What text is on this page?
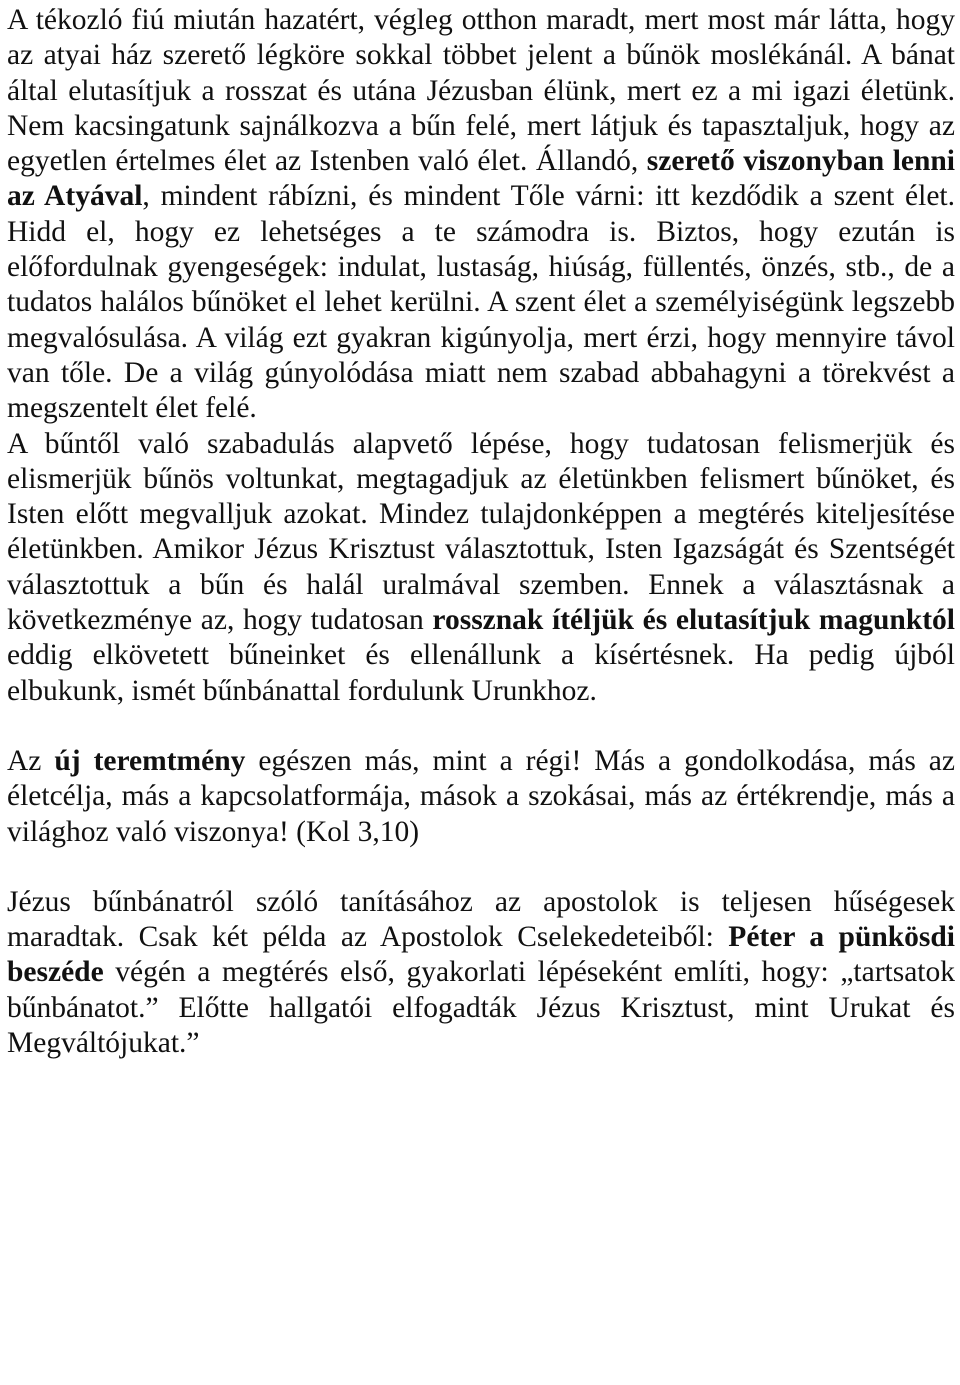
A tékozló fiú miután hazatért, végleg otthon maradt, mert most már látta, hogy az atyai ház szerető légköre sokkal többet jelent a bűnök moslékánál. A bánat által elutasítjuk a rosszat és utána Jézusban élünk, mert ez a mi igazi életünk. Nem kacsingatunk sajnálkozva a bűn felé, mert látjuk és tapasztaljuk, hogy az egyetlen értelmes élet az Istenben való élet. Állandó, szerető viszonyban lenni az Atyával, mindent rábízni, és mindent Tőle várni: itt kezdődik a szent élet. Hidd el, hogy ez lehetséges a te számodra is. Biztos, hogy ezután is előfordulnak gyengeségek: indulat, lustaság, hiúság, füllentés, önzés, stb., de a tudatos halálos bűnöket el lehet kerülni. A szent élet a személyiségünk legszebb megvalósulása. A világ ezt gyakran kigúnyolja, mert érzi, hogy mennyire távol van tőle. De a világ gúnyolódása miatt nem szabad abbahagyni a törekvést a megszentelt élet felé.

A bűntől való szabadulás alapvető lépése, hogy tudatosan felismerjük és elismerjük bűnös voltunkat, megtagadjuk az életünkben felismert bűnöket, és Isten előtt megvalljuk azokat. Mindez tulajdonképpen a megtérés kiteljesítése életünkben. Amikor Jézus Krisztust választottuk, Isten Igazságát és Szentségét választottuk a bűn és halál uralmával szemben. Ennek a választásnak a következménye az, hogy tudatosan rossznak ítéljük és elutasítjuk magunktól eddig elkövetett bűneinket és ellenállunk a kísértésnek. Ha pedig újból elbukunk, ismét bűnbánattal fordulunk Urunkhoz.

Az új teremtmény egészen más, mint a régi! Más a gondolkodása, más az életcélja, más a kapcsolatformája, mások a szokásai, más az értékrendje, más a világhoz való viszonya! (Kol 3,10)

Jézus bűnbánatról szóló tanításához az apostolok is teljesen hűségesek maradtak. Csak két példa az Apostolok Cselekedeteiből: Péter a pünkösdi beszéde végén a megtérés első, gyakorlati lépéseként említi, hogy: „tartsatok bűnbánatot.” Előtte hallgatói elfogadták Jézus Krisztust, mint Urukat és Megváltójukat.”
